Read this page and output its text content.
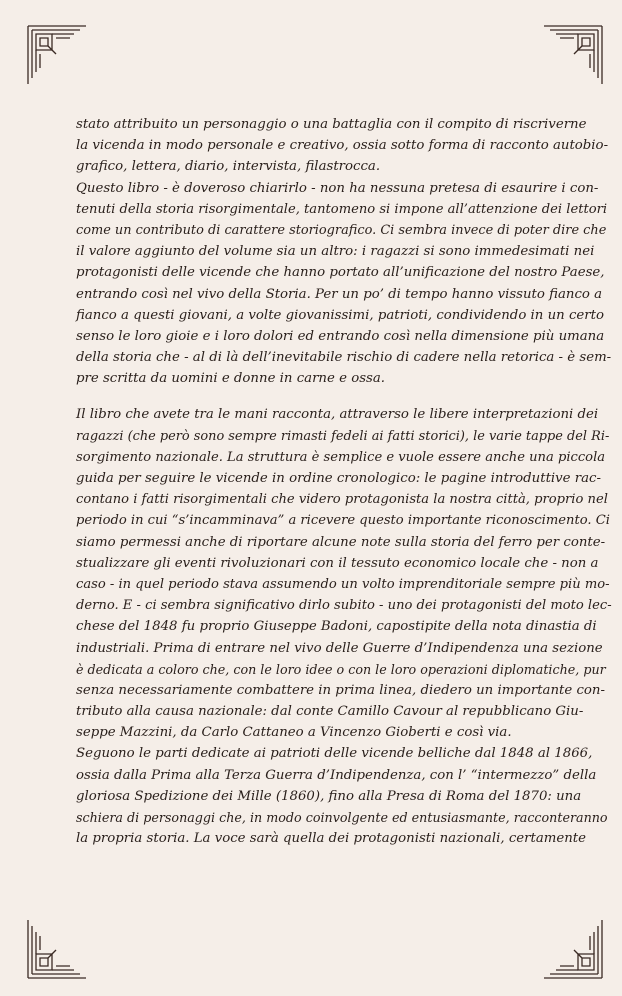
stato attribuito un personaggio o una battaglia con il compito di riscriverne
la vicenda in modo personale e creativo, ossia sotto forma di racconto autobio-
grafico, lettera, diario, intervista, filastrocca.
Questo libro - è doveroso chiarirlo - non ha nessuna pretesa di esaurire i con-
tenuti della storia risorgimentale, tantomeno si impone all’attenzione dei lettori
come un contributo di carattere storiografico. Ci sembra invece di poter dire che
il valore aggiunto del volume sia un altro: i ragazzi si sono immedesimati nei
protagonisti delle vicende che hanno portato all’unificazione del nostro Paese,
entrando così nel vivo della Storia. Per un po’ di tempo hanno vissuto fianco a
fianco a questi giovani, a volte giovanissimi, patrioti, condividendo in un certo
senso le loro gioie e i loro dolori ed entrando così nella dimensione più umana
della storia che - al di là dell’inevitabile rischio di cadere nella retorica - è sem-
pre scritta da uomini e donne in carne e ossa.
Il libro che avete tra le mani racconta, attraverso le libere interpretazioni dei
ragazzi (che però sono sempre rimasti fedeli ai fatti storici), le varie tappe del Ri-
sorgimento nazionale. La struttura è semplice e vuole essere anche una piccola
guida per seguire le vicende in ordine cronologico: le pagine introduttive rac-
contano i fatti risorgimentali che videro protagonista la nostra città, proprio nel
periodo in cui “s’incamminava” a ricevere questo importante riconoscimento. Ci
siamo permessi anche di riportare alcune note sulla storia del ferro per conte-
stualizzare gli eventi rivoluzionari con il tessuto economico locale che - non a
caso - in quel periodo stava assumendo un volto imprenditoriale sempre più mo-
derno. E - ci sembra significativo dirlo subito - uno dei protagonisti del moto lec-
chese del 1848 fu proprio Giuseppe Badoni, capostipite della nota dinastia di
industriali. Prima di entrare nel vivo delle Guerre d’Indipendenza una sezione
è dedicata a coloro che, con le loro idee o con le loro operazioni diplomatiche, pur
senza necessariamente combattere in prima linea, diedero un importante con-
tributo alla causa nazionale: dal conte Camillo Cavour al repubblicano Giu-
seppe Mazzini, da Carlo Cattaneo a Vincenzo Gioberti e così via.
Seguono le parti dedicate ai patrioti delle vicende belliche dal 1848 al 1866,
ossia dalla Prima alla Terza Guerra d’Indipendenza, con l’ “intermezzo” della
gloriosa Spedizione dei Mille (1860), fino alla Presa di Roma del 1870: una
schiera di personaggi che, in modo coinvolgente ed entusiasmante, racconteranno
la propria storia. La voce sarà quella dei protagonisti nazionali, certamente
